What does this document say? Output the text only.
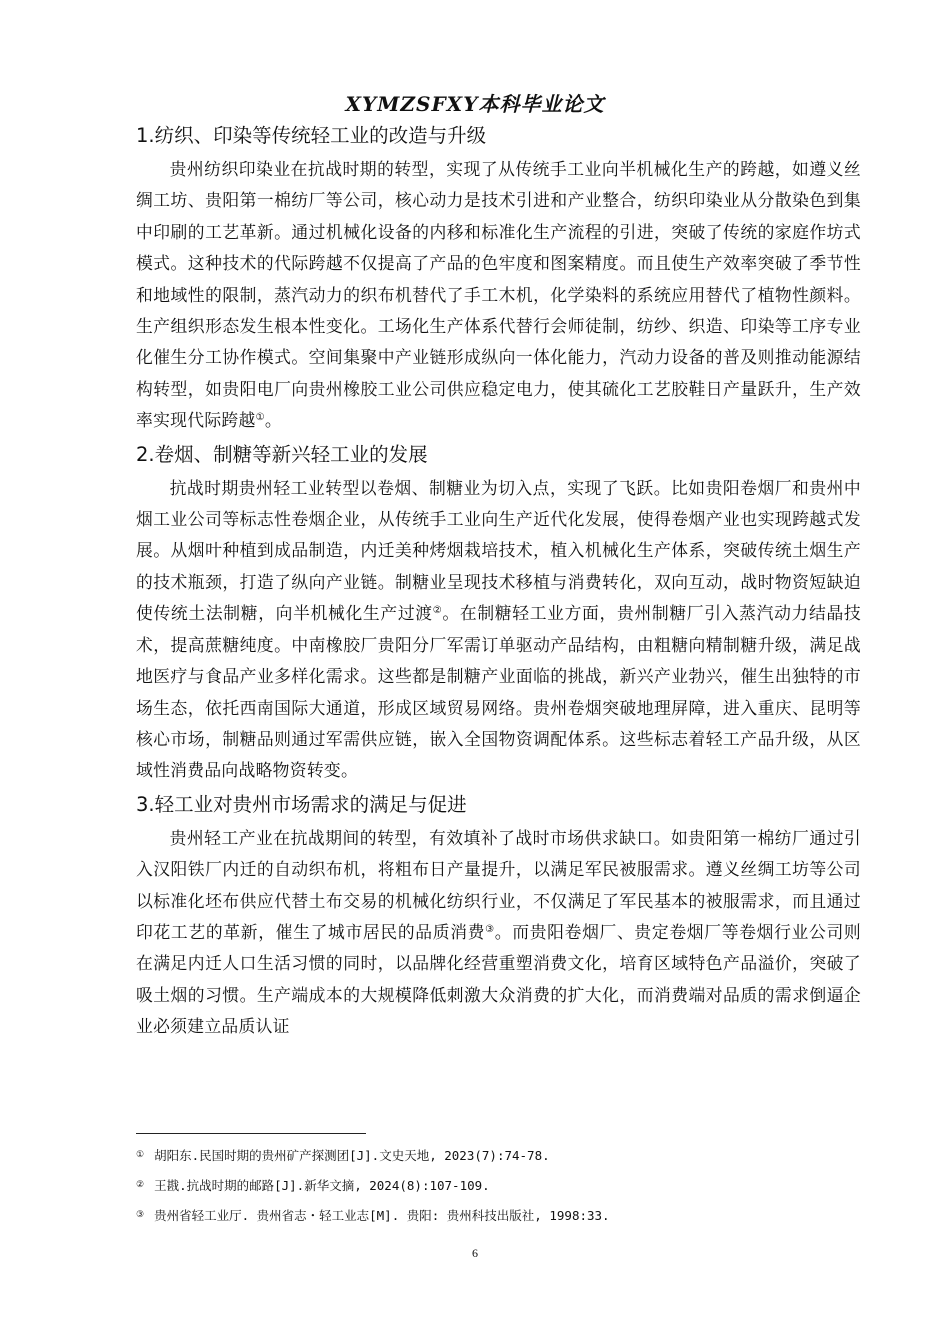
XYMZSFXY本科毕业论文
1.纺织、印染等传统轻工业的改造与升级

贵州纺织印染业在抗战时期的转型，实现了从传统手工业向半机械化生产的跨越，如遵义丝绸工坊、贵阳第一棉纺厂等公司，核心动力是技术引进和产业整合，纺织印染业从分散染色到集中印刷的工艺革新。通过机械化设备的内移和标准化生产流程的引进，突破了传统的家庭作坊式模式。这种技术的代际跨越不仅提高了产品的色牢度和图案精度。而且使生产效率突破了季节性和地域性的限制，蒸汽动力的织布机替代了手工木机，化学染料的系统应用替代了植物性颜料。生产组织形态发生根本性变化。工场化生产体系代替行会师徒制，纺纱、织造、印染等工序专业化催生分工协作模式。空间集聚中产业链形成纵向一体化能力，汽动力设备的普及则推动能源结构转型，如贵阳电厂向贵州橡胶工业公司供应稳定电力，使其硫化工艺胶鞋日产量跃升，生产效率实现代际跨越①。

2.卷烟、制糖等新兴轻工业的发展

抗战时期贵州轻工业转型以卷烟、制糖业为切入点，实现了飞跃。比如贵阳卷烟厂和贵州中烟工业公司等标志性卷烟企业，从传统手工业向生产近代化发展，使得卷烟产业也实现跨越式发展。从烟叶种植到成品制造，内迁美种烤烟栽培技术，植入机械化生产体系，突破传统土烟生产的技术瓶颈，打造了纵向产业链。制糖业呈现技术移植与消费转化，双向互动，战时物资短缺迫使传统土法制糖，向半机械化生产过渡②。在制糖轻工业方面，贵州制糖厂引入蒸汽动力结晶技术，提高蔗糖纯度。中南橡胶厂贵阳分厂军需订单驱动产品结构，由粗糖向精制糖升级，满足战地医疗与食品产业多样化需求。这些都是制糖产业面临的挑战，新兴产业勃兴，催生出独特的市场生态，依托西南国际大通道，形成区域贸易网络。贵州卷烟突破地理屏障，进入重庆、昆明等核心市场，制糖品则通过军需供应链，嵌入全国物资调配体系。这些标志着轻工产品升级，从区域性消费品向战略物资转变。

3.轻工业对贵州市场需求的满足与促进

贵州轻工产业在抗战期间的转型，有效填补了战时市场供求缺口。如贵阳第一棉纺厂通过引入汉阳铁厂内迁的自动织布机，将粗布日产量提升，以满足军民被服需求。遵义丝绸工坊等公司以标准化坯布供应代替土布交易的机械化纺织行业，不仅满足了军民基本的被服需求，而且通过印花工艺的革新，催生了城市居民的品质消费③。而贵阳卷烟厂、贵定卷烟厂等卷烟行业公司则在满足内迁人口生活习惯的同时，以品牌化经营重塑消费文化，培育区域特色产品溢价，突破了吸土烟的习惯。生产端成本的大规模降低刺激大众消费的扩大化，而消费端对品质的需求倒逼企业必须建立品质认证

① 胡阳东.民国时期的贵州矿产探测团[J].文史天地, 2023(7):74-78.
② 王戡.抗战时期的邮路[J].新华文摘, 2024(8):107-109.
③ 贵州省轻工业厅. 贵州省志・轻工业志[M]. 贵阳: 贵州科技出版社, 1998:33.
6
